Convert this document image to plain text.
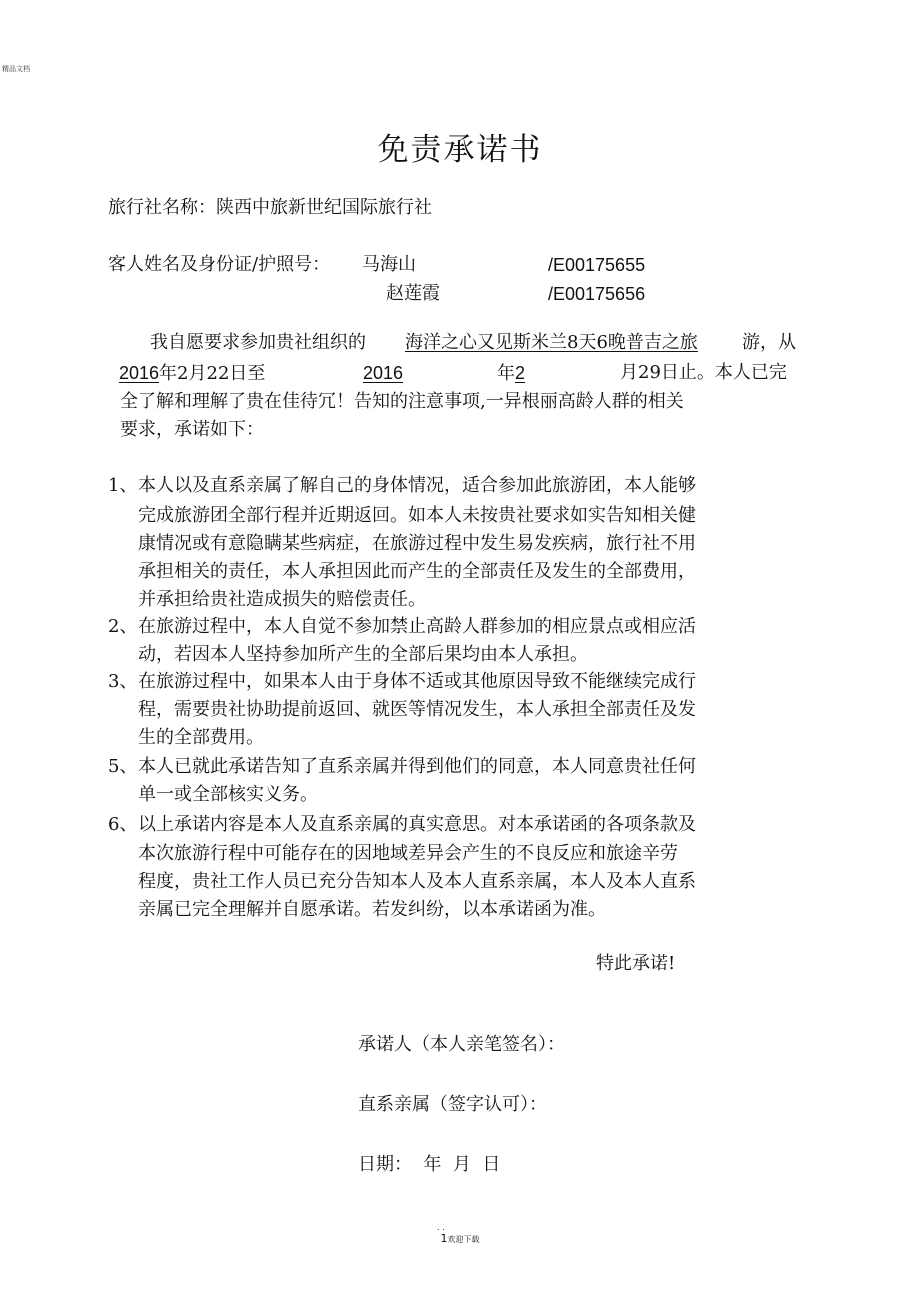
精品文档
免责承诺书
旅行社名称：陕西中旅新世纪国际旅行社
客人姓名及身份证/护照号： 马海山	/E00175655
赵莲霞	/E00175656
我自愿要求参加贵社组织的 海洋之心又见斯米兰8天6晚普吉之旅 游，从
2016年2月22日至	2016	年2	月29日止。本人已完
全了解和理解了贵在佳待冗！告知的注意事项,一异根丽高龄人群的相关
要求，承诺如下：
1、 本人以及直系亲属了解自己的身体情况，适合参加此旅游团，本人能够
完成旅游团全部行程并近期返回。如本人未按贵社要求如实告知相关健
康情况或有意隐瞒某些病症，在旅游过程中发生易发疾病，旅行社不用
承担相关的责任，本人承担因此而产生的全部责任及发生的全部费用，
并承担给贵社造成损失的赔偿责任。
2、 在旅游过程中，本人自觉不参加禁止高龄人群参加的相应景点或相应活
动，若因本人坚持参加所产生的全部后果均由本人承担。
3、 在旅游过程中，如果本人由于身体不适或其他原因导致不能继续完成行
程，需要贵社协助提前返回、就医等情况发生，本人承担全部责任及发
生的全部费用。
5、 本人已就此承诺告知了直系亲属并得到他们的同意，本人同意贵社任何
单一或全部核实义务。
6、 以上承诺内容是本人及直系亲属的真实意思。对本承诺函的各项条款及
本次旅游行程中可能存在的因地域差异会产生的不良反应和旅途辛劳
程度，贵社工作人员已充分告知本人及本人直系亲属，本人及本人直系
亲属已完全理解并自愿承诺。若发纠纷，以本承诺函为准。
特此承诺!
承诺人（本人亲笔签名）：
直系亲属（签字认可）：
日期：  年  月  日
. .
1欢迎下载
